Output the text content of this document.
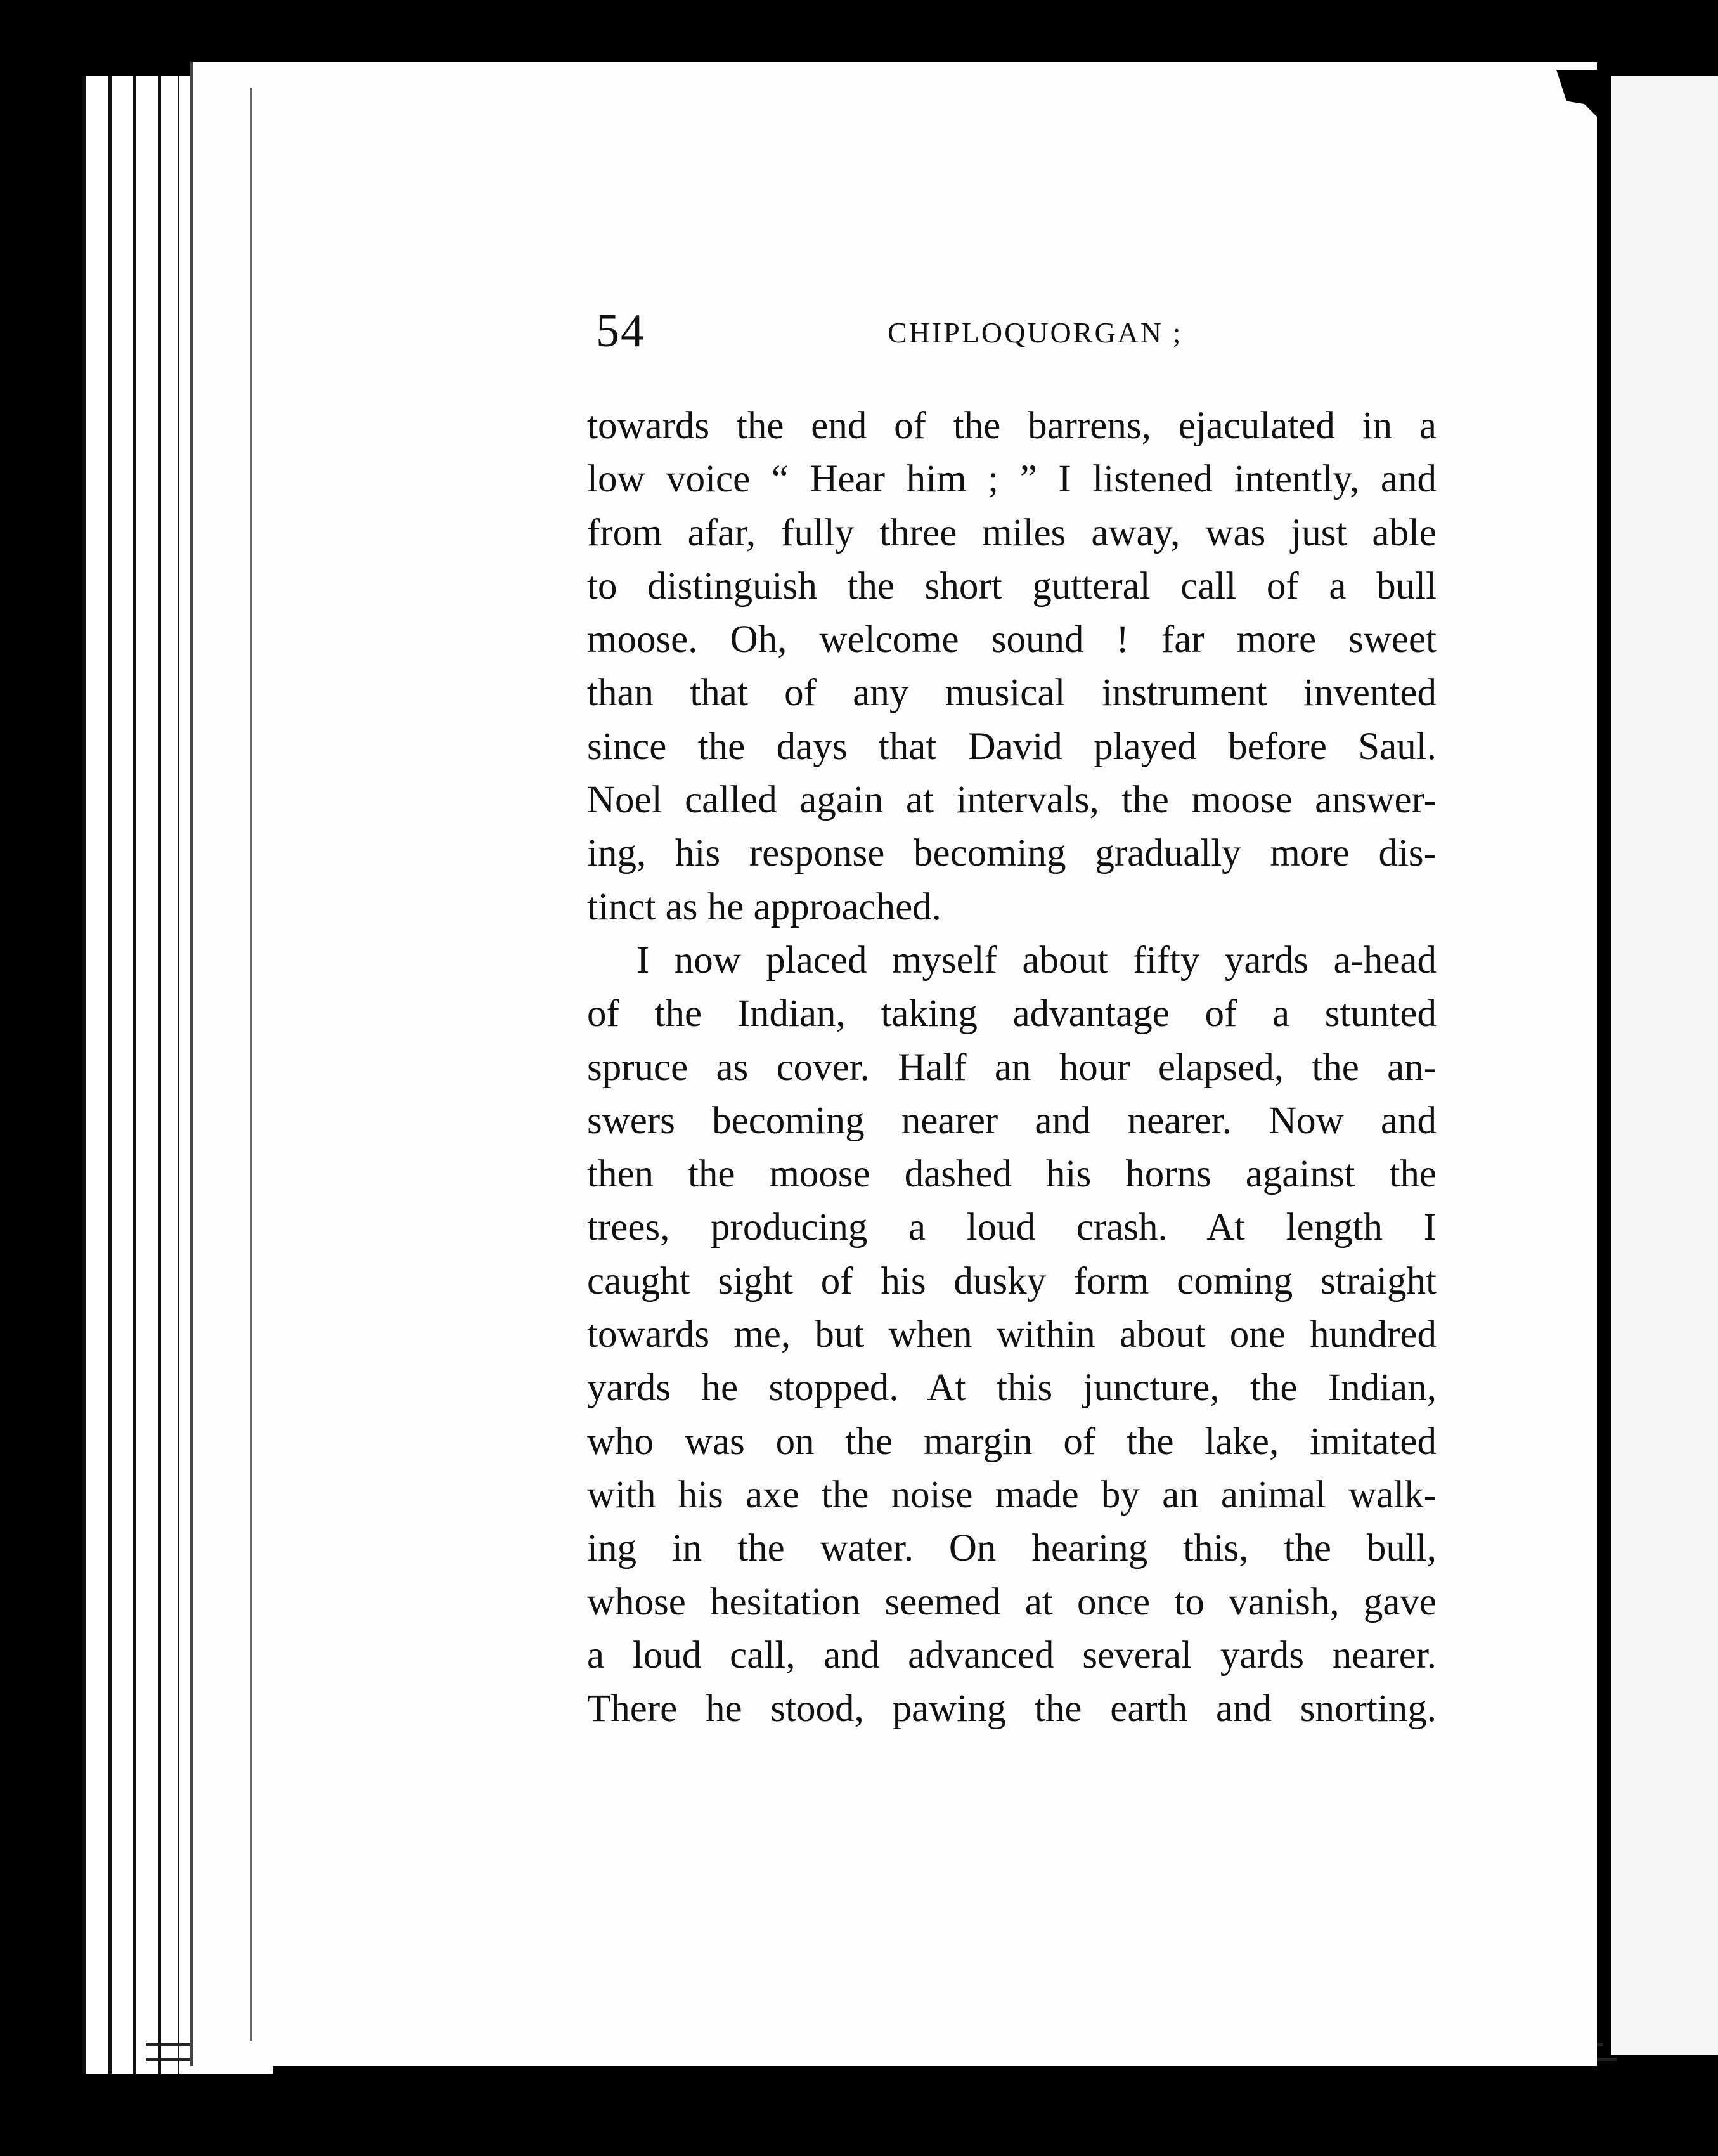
54	CHIPLOQUORGAN ;
towards the end of the barrens, ejaculated in a
low voice “ Hear him ; ” I listened intently, and
from afar, fully three miles away, was just able
to distinguish the short gutteral call of a bull
moose. Oh, welcome sound ! far more sweet
than that of any musical instrument invented
since the days that David played before Saul.
Noel called again at intervals, the moose answer-
ing, his response becoming gradually more dis-
tinct as he approached.
I now placed myself about fifty yards a-head
of the Indian, taking advantage of a stunted
spruce as cover. Half an hour elapsed, the an-
swers becoming nearer and nearer. Now and
then the moose dashed his horns against the
trees, producing a loud crash. At length I
caught sight of his dusky form coming straight
towards me, but when within about one hundred
yards he stopped. At this juncture, the Indian,
who was on the margin of the lake, imitated
with his axe the noise made by an animal walk-
ing in the water. On hearing this, the bull,
whose hesitation seemed at once to vanish, gave
a loud call, and advanced several yards nearer.
There he stood, pawing the earth and snorting.
